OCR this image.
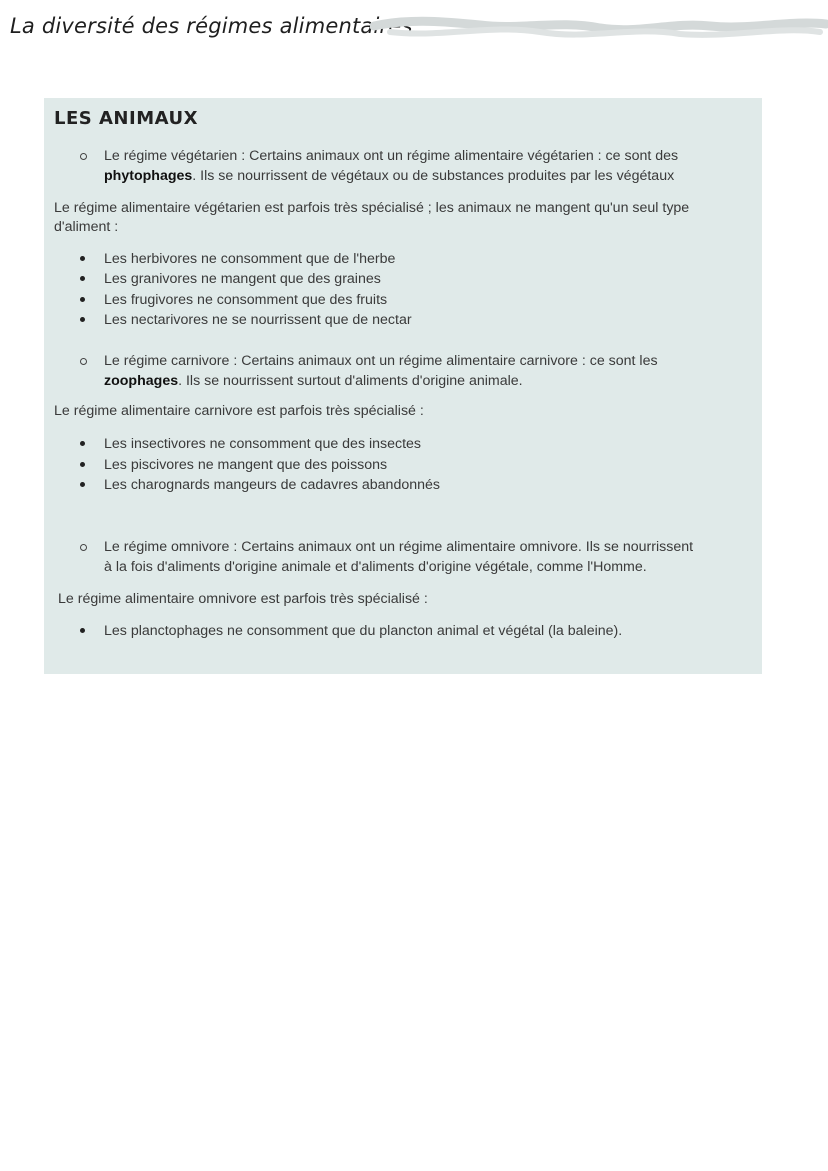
La diversité des régimes alimentaires
LES ANIMAUX
Le régime végétarien : Certains animaux ont un régime alimentaire végétarien : ce sont des
phytophages. Ils se nourrissent de végétaux ou de substances produites par les végétaux
Le régime alimentaire végétarien est parfois très spécialisé ; les animaux ne mangent qu'un seul type
d'aliment :
Les herbivores ne consomment que de l'herbe
Les granivores ne mangent que des graines
Les frugivores ne consomment que des fruits
Les nectarivores ne se nourrissent que de nectar
Le régime carnivore : Certains animaux ont un régime alimentaire carnivore : ce sont les
zoophages. Ils se nourrissent surtout d'aliments d'origine animale.
Le régime alimentaire carnivore est parfois très spécialisé :
Les insectivores ne consomment que des insectes
Les piscivores ne mangent que des poissons
Les charognards mangeurs de cadavres abandonnés
Le régime omnivore : Certains animaux ont un régime alimentaire omnivore. Ils se nourrissent
à la fois d'aliments d'origine animale et d'aliments d'origine végétale, comme l'Homme.
Le régime alimentaire omnivore est parfois très spécialisé :
Les planctophages ne consomment que du plancton animal et végétal (la baleine).
